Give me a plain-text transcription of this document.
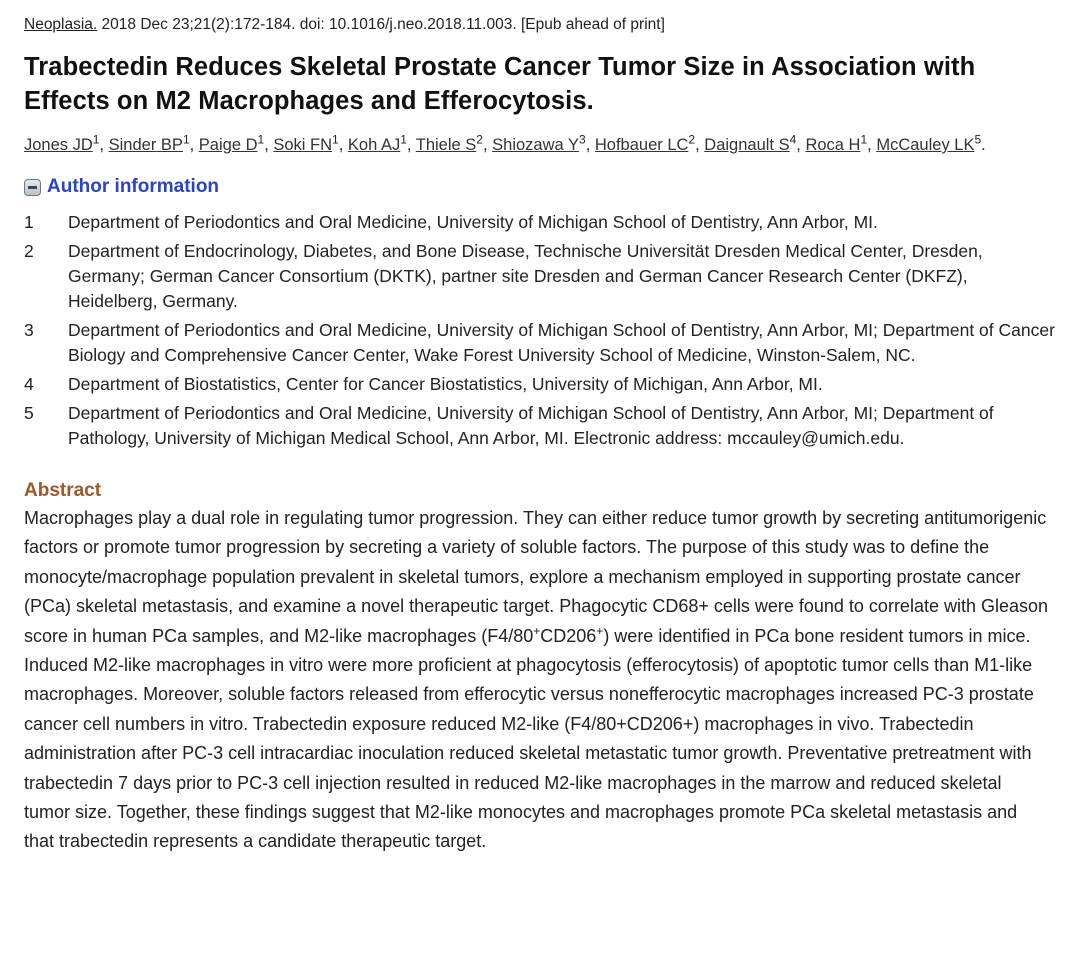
Neoplasia. 2018 Dec 23;21(2):172-184. doi: 10.1016/j.neo.2018.11.003. [Epub ahead of print]

Trabectedin Reduces Skeletal Prostate Cancer Tumor Size in Association with Effects on M2 Macrophages and Efferocytosis.
Jones $JD^1$, Sinder $BP^1$, Paige $D^1$, Soki $FN^1$, Koh $AJ^1$, Thiele $S^2$, Shiozawa $Y^3$, Hofbauer $LC^2$, Daignault $S^4$, Roca $H^1$, McCauley $LK^5$.
Author information
1	Department of Periodontics and Oral Medicine, University of Michigan School of Dentistry, Ann Arbor, MI.
2	Department of Endocrinology, Diabetes, and Bone Disease, Technische Universität Dresden Medical Center, Dresden, Germany; German Cancer Consortium (DKTK), partner site Dresden and German Cancer Research Center (DKFZ), Heidelberg, Germany.
3	Department of Periodontics and Oral Medicine, University of Michigan School of Dentistry, Ann Arbor, MI; Department of Cancer Biology and Comprehensive Cancer Center, Wake Forest University School of Medicine, Winston-Salem, NC.
4	Department of Biostatistics, Center for Cancer Biostatistics, University of Michigan, Ann Arbor, MI.
5	Department of Periodontics and Oral Medicine, University of Michigan School of Dentistry, Ann Arbor, MI; Department of Pathology, University of Michigan Medical School, Ann Arbor, MI. Electronic address: mccauley@umich.edu.
Abstract

Macrophages play a dual role in regulating tumor progression. They can either reduce tumor growth by secreting antitumorigenic factors or promote tumor progression by secreting a variety of soluble factors. The purpose of this study was to define the monocyte/macrophage population prevalent in skeletal tumors, explore a mechanism employed in supporting prostate cancer (PCa) skeletal metastasis, and examine a novel therapeutic target. Phagocytic CD68+ cells were found to correlate with Gleason score in human PCa samples, and M2-like macrophages (F4/80+CD206+) were identified in PCa bone resident tumors in mice. Induced M2-like macrophages in vitro were more proficient at phagocytosis (efferocytosis) of apoptotic tumor cells than M1-like macrophages. Moreover, soluble factors released from efferocytic versus nonefferocytic macrophages increased PC-3 prostate cancer cell numbers in vitro. Trabectedin exposure reduced M2-like (F4/80+CD206+) macrophages in vivo. Trabectedin administration after PC-3 cell intracardiac inoculation reduced skeletal metastatic tumor growth. Preventative pretreatment with trabectedin 7 days prior to PC-3 cell injection resulted in reduced M2-like macrophages in the marrow and reduced skeletal tumor size. Together, these findings suggest that M2-like monocytes and macrophages promote PCa skeletal metastasis and that trabectedin represents a candidate therapeutic target.
